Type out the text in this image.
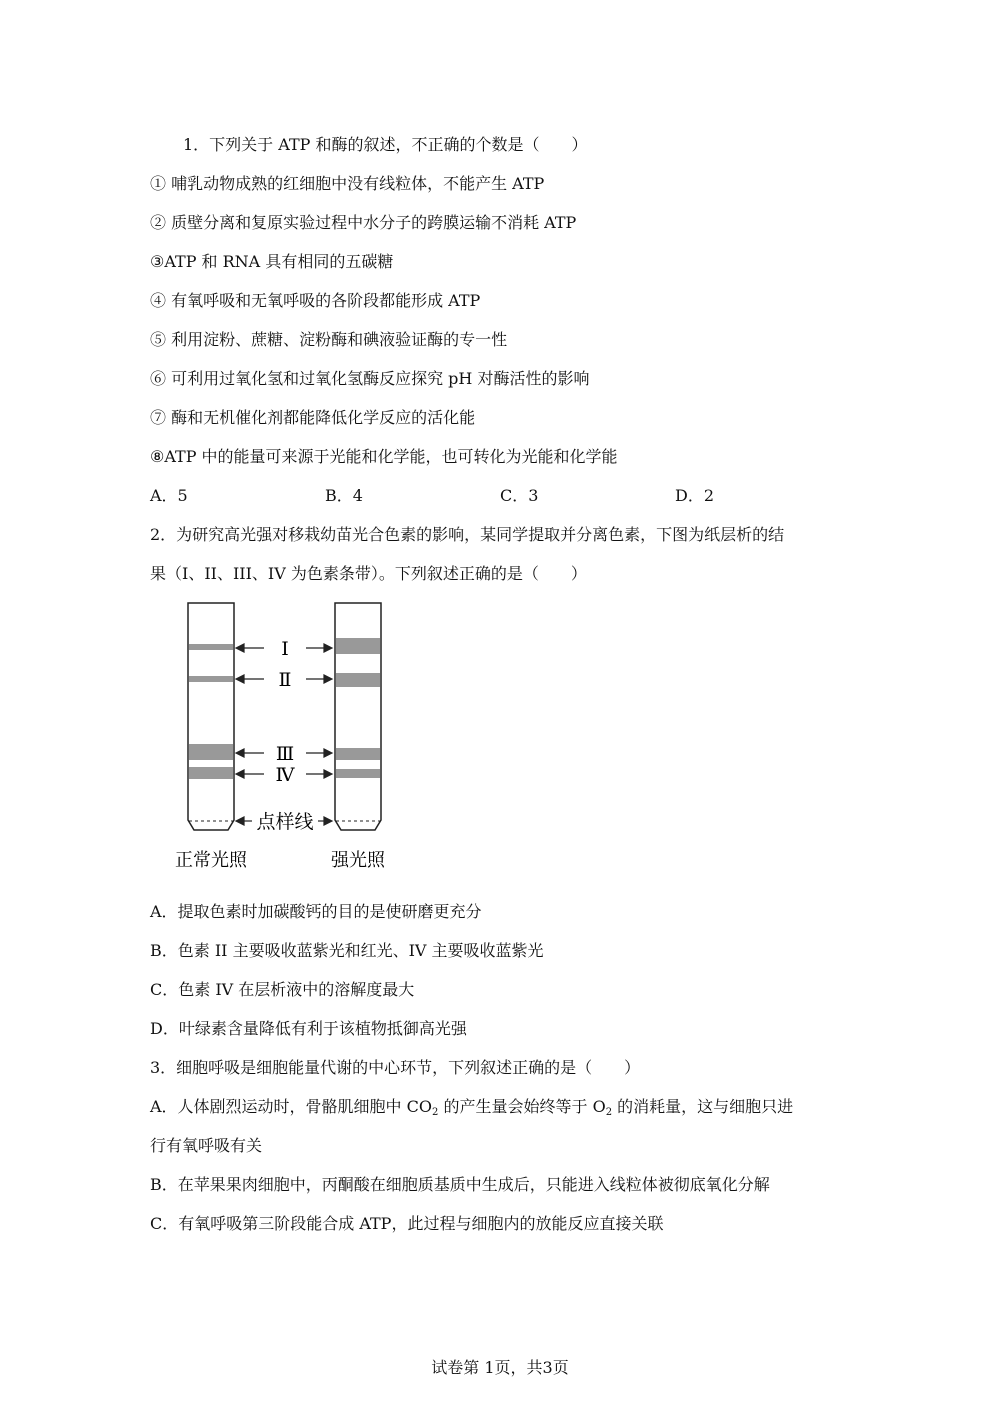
1．下列关于 ATP 和酶的叙述，不正确的个数是（　　）
① 哺乳动物成熟的红细胞中没有线粒体，不能产生 ATP
② 质壁分离和复原实验过程中水分子的跨膜运输不消耗 ATP
③ATP 和 RNA 具有相同的五碳糖
④ 有氧呼吸和无氧呼吸的各阶段都能形成 ATP
⑤ 利用淀粉、蔗糖、淀粉酶和碘液验证酶的专一性
⑥ 可利用过氧化氢和过氧化氢酶反应探究 pH 对酶活性的影响
⑦ 酶和无机催化剂都能降低化学反应的活化能
⑧ATP 中的能量可来源于光能和化学能，也可转化为光能和化学能
A．5	B．4	C．3	D．2
2．为研究高光强对移栽幼苗光合色素的影响，某同学提取并分离色素，下图为纸层析的结
果（I、II、III、IV 为色素条带）。下列叙述正确的是（　　）
Ⅰ
Ⅱ
Ⅲ
Ⅳ
点样线
正常光照	强光照
A．提取色素时加碳酸钙的目的是使研磨更充分
B．色素 II 主要吸收蓝紫光和红光、IV 主要吸收蓝紫光
C．色素 IV 在层析液中的溶解度最大
D．叶绿素含量降低有利于该植物抵御高光强
3．细胞呼吸是细胞能量代谢的中心环节，下列叙述正确的是（　　）
A．人体剧烈运动时，骨骼肌细胞中 $CO_2$ 的产生量会始终等于 $O_2$ 的消耗量，这与细胞只进
行有氧呼吸有关
B．在苹果果肉细胞中，丙酮酸在细胞质基质中生成后，只能进入线粒体被彻底氧化分解
C．有氧呼吸第三阶段能合成 ATP，此过程与细胞内的放能反应直接关联
试卷第 1页，共3页
